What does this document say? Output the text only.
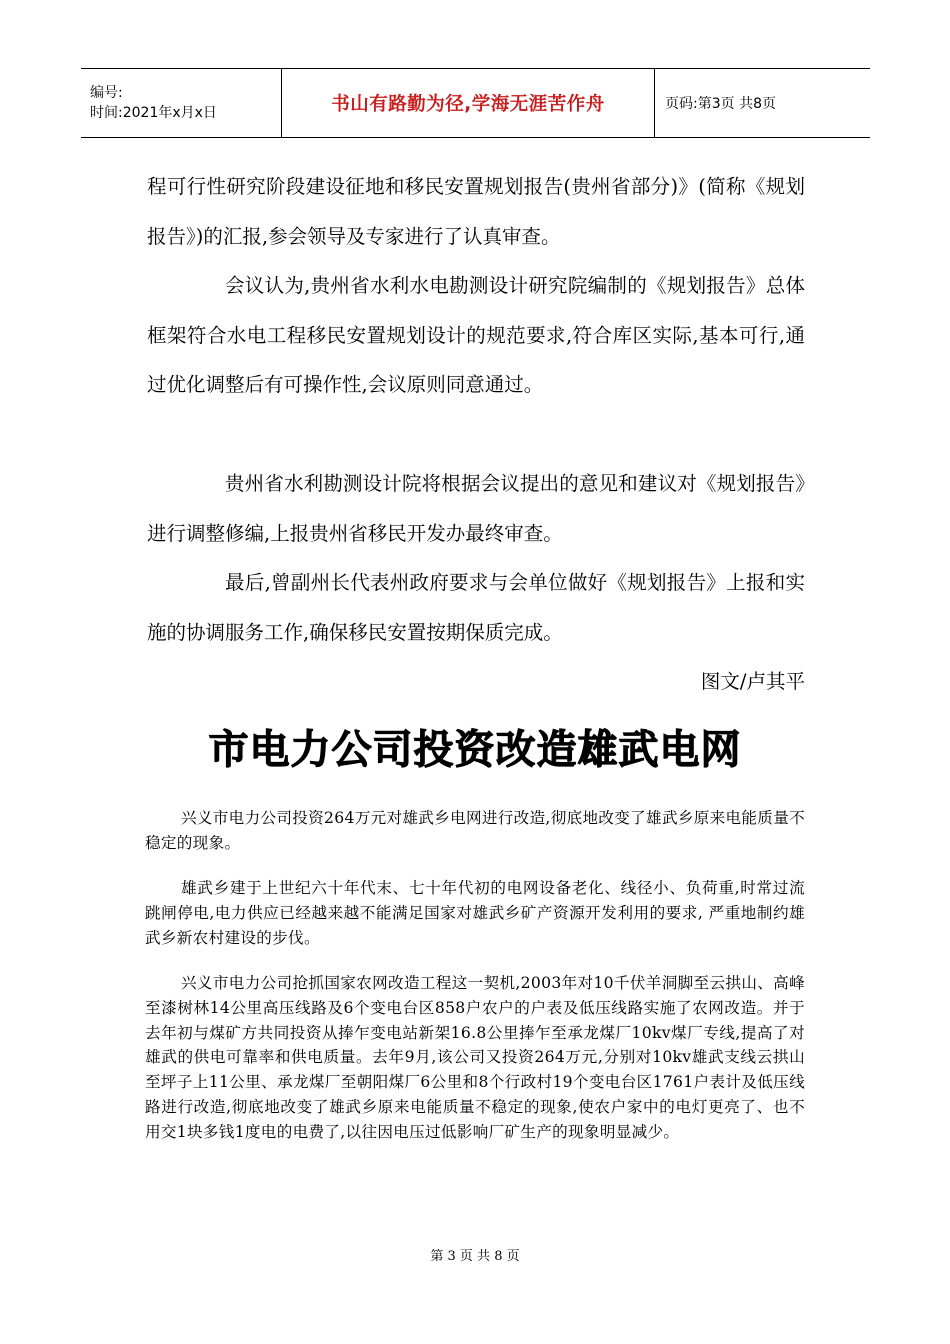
编号:
时间:2021年x月x日	书山有路勤为径,学海无涯苦作舟	页码:第3页 共8页

程可行性研究阶段建设征地和移民安置规划报告(贵州省部分)》(简称《规划报告》)的汇报,参会领导及专家进行了认真审查。

会议认为,贵州省水利水电勘测设计研究院编制的《规划报告》总体框架符合水电工程移民安置规划设计的规范要求,符合库区实际,基本可行,通过优化调整后有可操作性,会议原则同意通过。

贵州省水利勘测设计院将根据会议提出的意见和建议对《规划报告》进行调整修编,上报贵州省移民开发办最终审查。

最后,曾副州长代表州政府要求与会单位做好《规划报告》上报和实施的协调服务工作,确保移民安置按期保质完成。

图文/卢其平
市电力公司投资改造雄武电网

兴义市电力公司投资264万元对雄武乡电网进行改造,彻底地改变了雄武乡原来电能质量不稳定的现象。

雄武乡建于上世纪六十年代末、七十年代初的电网设备老化、线径小、负荷重,时常过流跳闸停电,电力供应已经越来越不能满足国家对雄武乡矿产资源开发利用的要求, 严重地制约雄武乡新农村建设的步伐。

兴义市电力公司抢抓国家农网改造工程这一契机,2003年对10千伏羊洞脚至云拱山、高峰至漆树林14公里高压线路及6个变电台区858户农户的户表及低压线路实施了农网改造。并于去年初与煤矿方共同投资从捧乍变电站新架16.8公里捧乍至承龙煤厂10kv煤厂专线,提高了对雄武的供电可靠率和供电质量。去年9月,该公司又投资264万元,分别对10kv雄武支线云拱山至坪子上11公里、承龙煤厂至朝阳煤厂6公里和8个行政村19个变电台区1761户表计及低压线路进行改造,彻底地改变了雄武乡原来电能质量不稳定的现象,使农户家中的电灯更亮了、也不用交1块多钱1度电的电费了,以往因电压过低影响厂矿生产的现象明显减少。

第 3 页 共 8 页
